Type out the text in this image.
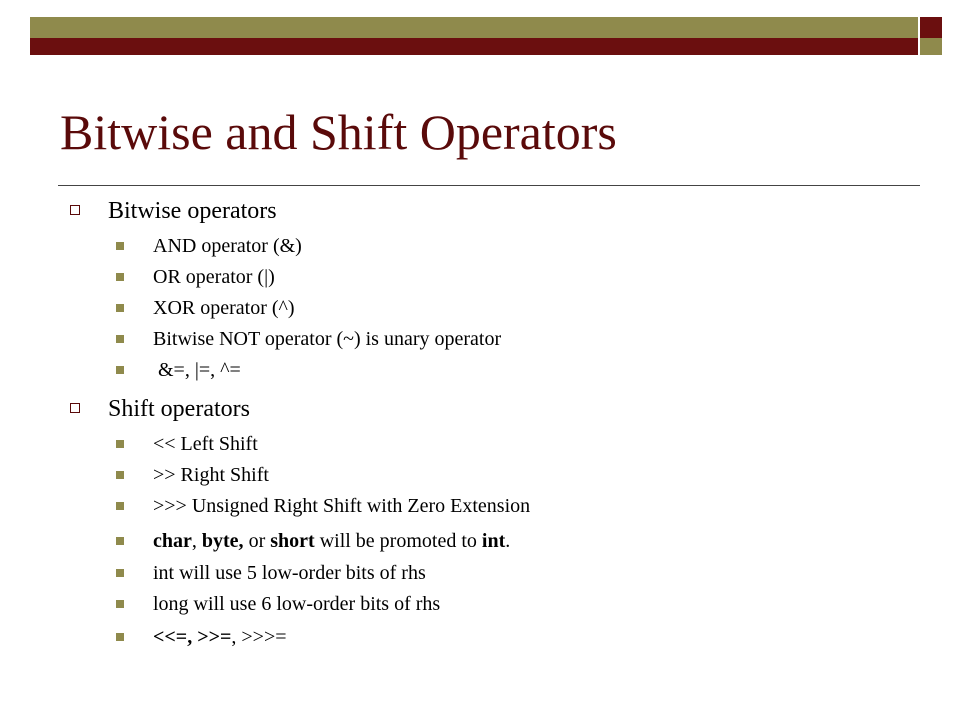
Bitwise and Shift Operators
Bitwise operators
AND operator (&)
OR operator (|)
XOR operator (^)
Bitwise NOT operator (~) is unary operator
&=, |=, ^=
Shift operators
<< Left Shift
>> Right Shift
>>> Unsigned Right Shift with Zero Extension
char, byte, or short will be promoted to int.
int will use 5 low-order bits of rhs
long will use 6 low-order bits of rhs
<<=, >>=, >>>=
